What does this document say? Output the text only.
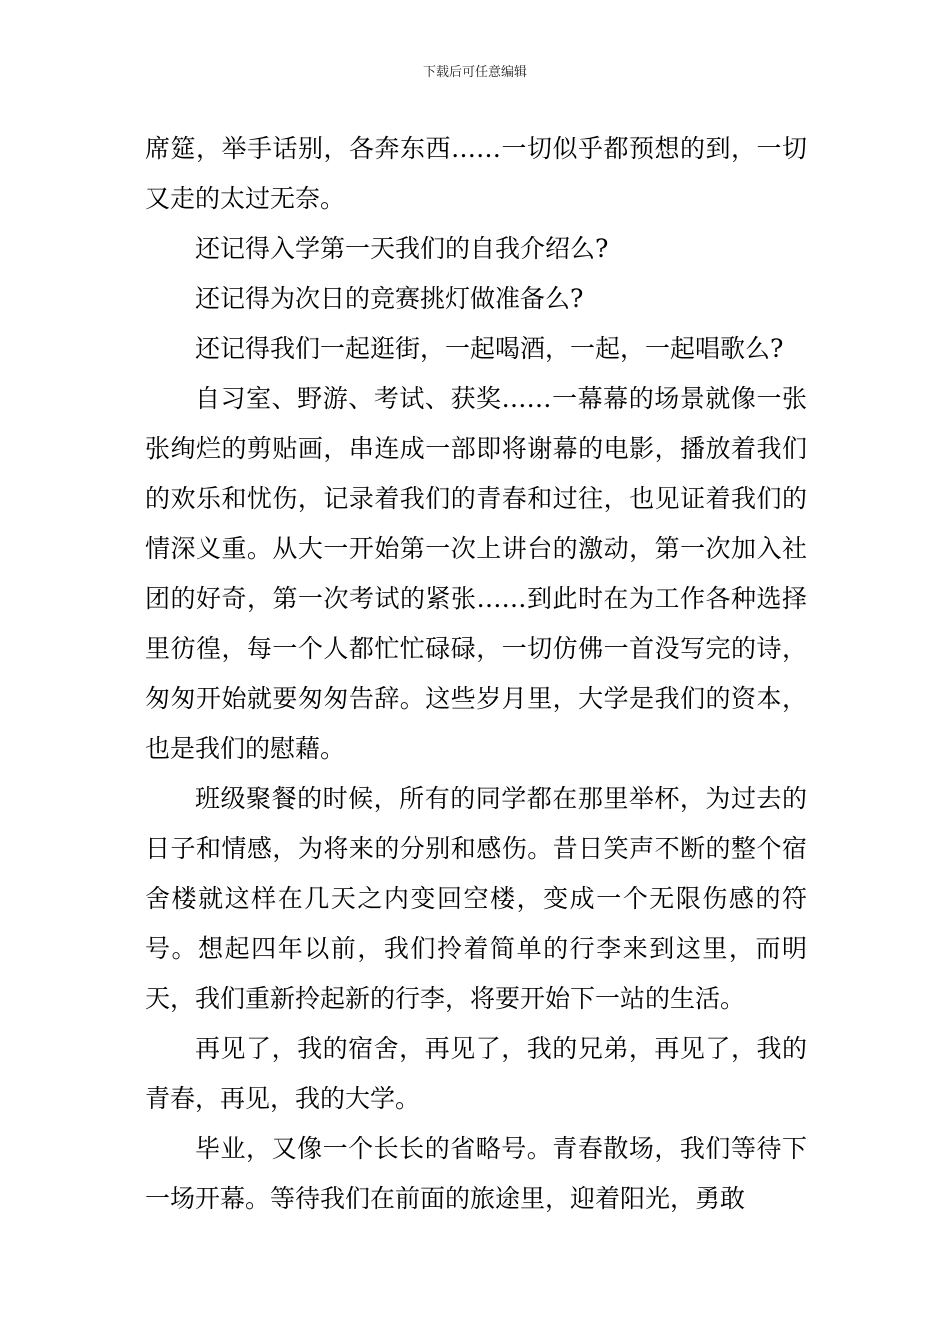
下载后可任意编辑

席筵，举手话别，各奔东西……一切似乎都预想的到，一切又走的太过无奈。

还记得入学第一天我们的自我介绍么?

还记得为次日的竞赛挑灯做准备么?

还记得我们一起逛街，一起喝酒，一起，一起唱歌么?

自习室、野游、考试、获奖……一幕幕的场景就像一张张绚烂的剪贴画，串连成一部即将谢幕的电影，播放着我们的欢乐和忧伤，记录着我们的青春和过往，也见证着我们的情深义重。从大一开始第一次上讲台的激动，第一次加入社团的好奇，第一次考试的紧张……到此时在为工作各种选择里彷徨，每一个人都忙忙碌碌，一切仿佛一首没写完的诗，匆匆开始就要匆匆告辞。这些岁月里，大学是我们的资本，也是我们的慰藉。

班级聚餐的时候，所有的同学都在那里举杯，为过去的日子和情感，为将来的分别和感伤。昔日笑声不断的整个宿舍楼就这样在几天之内变回空楼，变成一个无限伤感的符号。想起四年以前，我们拎着简单的行李来到这里，而明天，我们重新拎起新的行李，将要开始下一站的生活。

再见了，我的宿舍，再见了，我的兄弟，再见了，我的青春，再见，我的大学。

毕业，又像一个长长的省略号。青春散场，我们等待下一场开幕。等待我们在前面的旅途里，迎着阳光，勇敢
